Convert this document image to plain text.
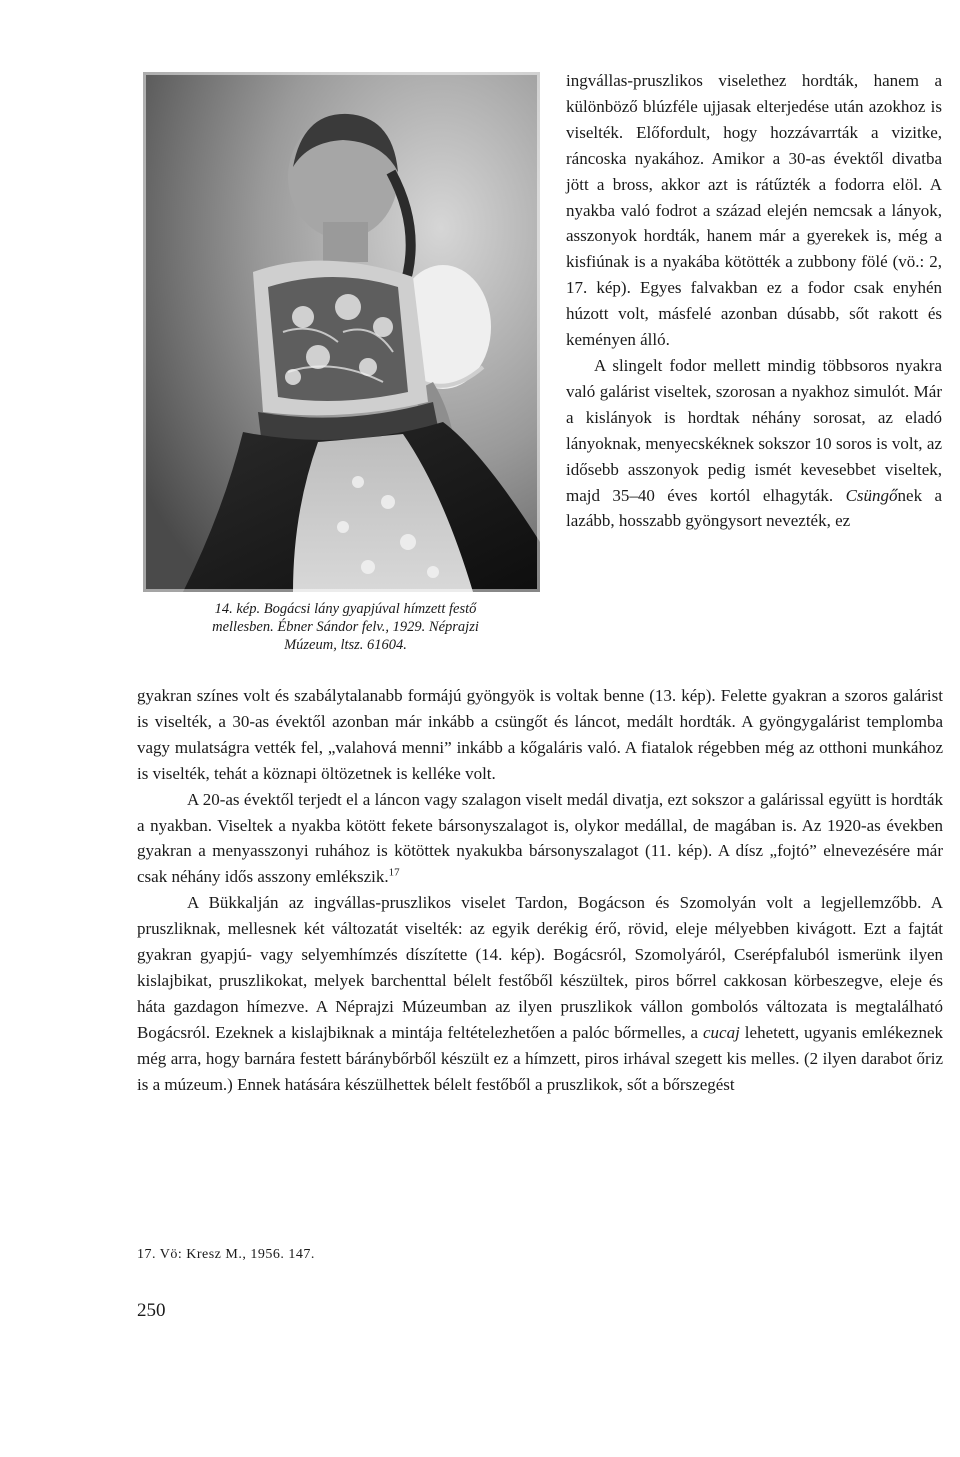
14. kép. Bogácsi lány gyapjúval hímzett festő
mellesben. Ébner Sándor felv., 1929. Néprajzi
Múzeum, ltsz. 61604.

ingvállas-pruszlikos viselethez hordták, hanem a különböző blúzféle ujjasak elterjedése után azokhoz is viselték. Előfordult, hogy hozzávarrták a vizitke, ráncoska nyakához. Amikor a 30-as évektől divatba jött a bross, akkor azt is rátűzték a fodorra elöl. A nyakba való fodrot a század elején nemcsak a lányok, asszonyok hordták, hanem már a gyerekek is, még a kisfiúnak is a nyakába kötötték a zubbony fölé (vö.: 2, 17. kép). Egyes falvakban ez a fodor csak enyhén húzott volt, másfelé azonban dúsabb, sőt rakott és keményen álló.

A slingelt fodor mellett mindig többsoros nyakra való galárist viseltek, szorosan a nyakhoz simulót. Már a kislányok is hordtak néhány sorosat, az eladó lányoknak, menyecskéknek sokszor 10 soros is volt, az idősebb asszonyok pedig ismét kevesebbet viseltek, majd 35–40 éves kortól elhagyták. Csüngőnek a lazább, hosszabb gyöngysort nevezték, ez

gyakran színes volt és szabálytalanabb formájú gyöngyök is voltak benne (13. kép). Felette gyakran a szoros galárist is viselték, a 30-as évektől azonban már inkább a csüngőt és láncot, medált hordták. A gyöngygalárist templomba vagy mulatságra vették fel, „valahová menni” inkább a kőgaláris való. A fiatalok régebben még az otthoni munkához is viselték, tehát a köznapi öltözetnek is kelléke volt.

A 20-as évektől terjedt el a láncon vagy szalagon viselt medál divatja, ezt sokszor a galárissal együtt is hordták a nyakban. Viseltek a nyakba kötött fekete bársonyszalagot is, olykor medállal, de magában is. Az 1920-as években gyakran a menyasszonyi ruhához is kötöttek nyakukba bársonyszalagot (11. kép). A dísz „fojtó” elnevezésére már csak néhány idős asszony emlékszik.$^{17}$

A Bükkalján az ingvállas-pruszlikos viselet Tardon, Bogácson és Szomolyán volt a legjellemzőbb. A pruszliknak, mellesnek két változatát viselték: az egyik derékig érő, rövid, eleje mélyebben kivágott. Ezt a fajtát gyakran gyapjú- vagy selyemhímzés díszítette (14. kép). Bogácsról, Szomolyáról, Cserépfaluból ismerünk ilyen kislajbikat, pruszlikokat, melyek barchenttal bélelt festőből készültek, piros bőrrel cakkosan körbeszegve, eleje és háta gazdagon hímezve. A Néprajzi Múzeumban az ilyen pruszlikok vállon gombolós változata is megtalálható Bogácsról. Ezeknek a kislajbiknak a mintája feltételezhetően a palóc bőrmelles, a cucaj lehetett, ugyanis emlékeznek még arra, hogy barnára festett báránybőrből készült ez a hímzett, piros irhával szegett kis melles. (2 ilyen darabot őriz is a múzeum.) Ennek hatására készülhettek bélelt festőből a pruszlikok, sőt a bőrszegést

17. Vö: Kresz M., 1956. 147.
250
